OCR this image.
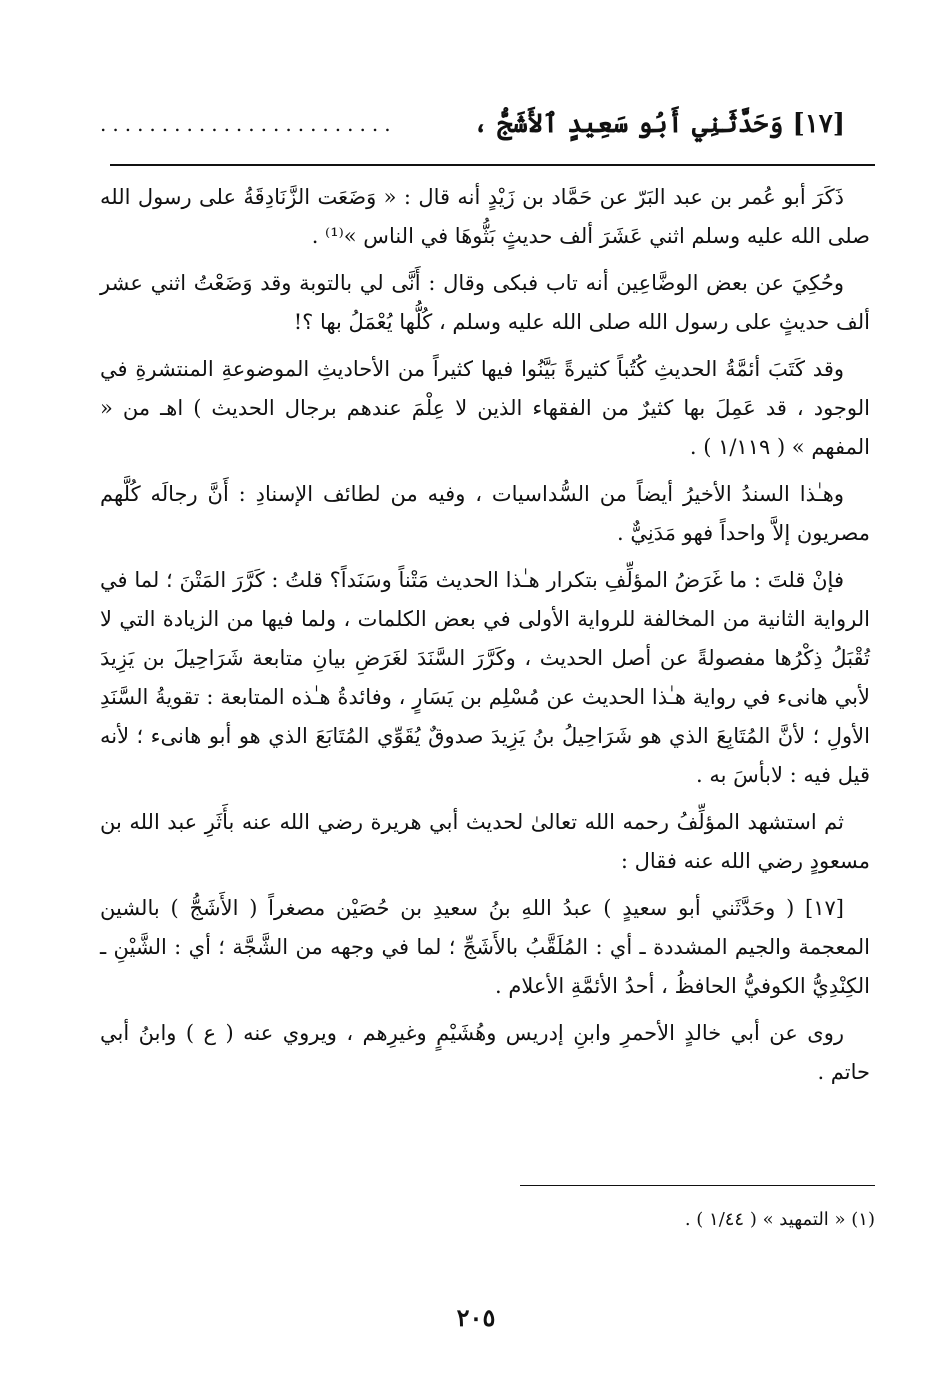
[١٧] وَحَدَّثَنِي أَبُو سَعِيدٍ ٱلأَشَجُّ ،
........................

ذَكَرَ أبو عُمر بن عبد البَرّ عن حَمَّاد بن زَيْدٍ أنه قال : « وَضَعَت الزَّنَادِقَةُ على رسول الله صلى الله عليه وسلم اثني عَشَرَ ألف حديثٍ بَثُّوهَا في الناس »⁽¹⁾ .

وحُكِيَ عن بعض الوضَّاعِين أنه تاب فبكى وقال : أَنَّى لي بالتوبة وقد وَضَعْتُ اثني عشر ألف حديثٍ على رسول الله صلى الله عليه وسلم ، كُلُّها يُعْمَلُ بها ؟!

وقد كَتَبَ أئمَّةُ الحديثِ كُتُباً كثيرةً بَيَّنُوا فيها كثيراً من الأحاديثِ الموضوعةِ المنتشرةِ في الوجود ، قد عَمِلَ بها كثيرٌ من الفقهاء الذين لا عِلْمَ عندهم برجال الحديث ) اهـ من « المفهم » ( ١/١١٩ ) .

وهـٰذا السندُ الأخيرُ أيضاً من السُّداسيات ، وفيه من لطائف الإسنادِ : أَنَّ رجالَه كُلَّهم مصريون إلاَّ واحداً فهو مَدَنِيٌّ .

فإنْ قلتَ : ما غَرَضُ المؤلِّفِ بتكرار هـٰذا الحديث مَتْناً وسَنَداً؟ قلتُ : كَرَّرَ المَتْنَ ؛ لما في الرواية الثانية من المخالفة للرواية الأولى في بعض الكلمات ، ولما فيها من الزيادة التي لا تُقْبَلُ ذِكْرُها مفصولةً عن أصل الحديث ، وكَرَّرَ السَّنَدَ لغَرَضِ بيانِ متابعة شَرَاحِيلَ بن يَزِيدَ لأبي هانىء في رواية هـٰذا الحديث عن مُسْلِم بن يَسَارٍ ، وفائدةُ هـٰذه المتابعة : تقويةُ السَّنَدِ الأولِ ؛ لأنَّ المُتَابِعَ الذي هو شَرَاحِيلُ بنُ يَزِيدَ صدوقٌ يُقَوِّي المُتَابَعَ الذي هو أبو هانىء ؛ لأنه قيل فيه : لابأسَ به .

ثم استشهد المؤلِّفُ رحمه الله تعالىٰ لحديث أبي هريرة رضي الله عنه بأَثَرِ عبد الله بن مسعودٍ رضي الله عنه فقال :

[١٧] ( وحَدَّثَني أبو سعيدٍ ) عبدُ اللهِ بنُ سعيدِ بن حُصَيْن مصغراً ( الأَشَجُّ ) بالشين المعجمة والجيم المشددة ـ أي : المُلَقَّبُ بالأَشَجِّ ؛ لما في وجهه من الشَّجَّة ؛ أي : الشَّيْنِ ـ الكِنْدِيُّ الكوفيُّ الحافظُ ، أحدُ الأئمَّةِ الأعلام .

روى عن أبي خالدٍ الأحمرِ وابنِ إدريس وهُشَيْمٍ وغيرِهم ، ويروي عنه ( ع ) وابنُ أبي حاتم .

(١) « التمهيد » ( ١/٤٤ ) .
٢٠٥
